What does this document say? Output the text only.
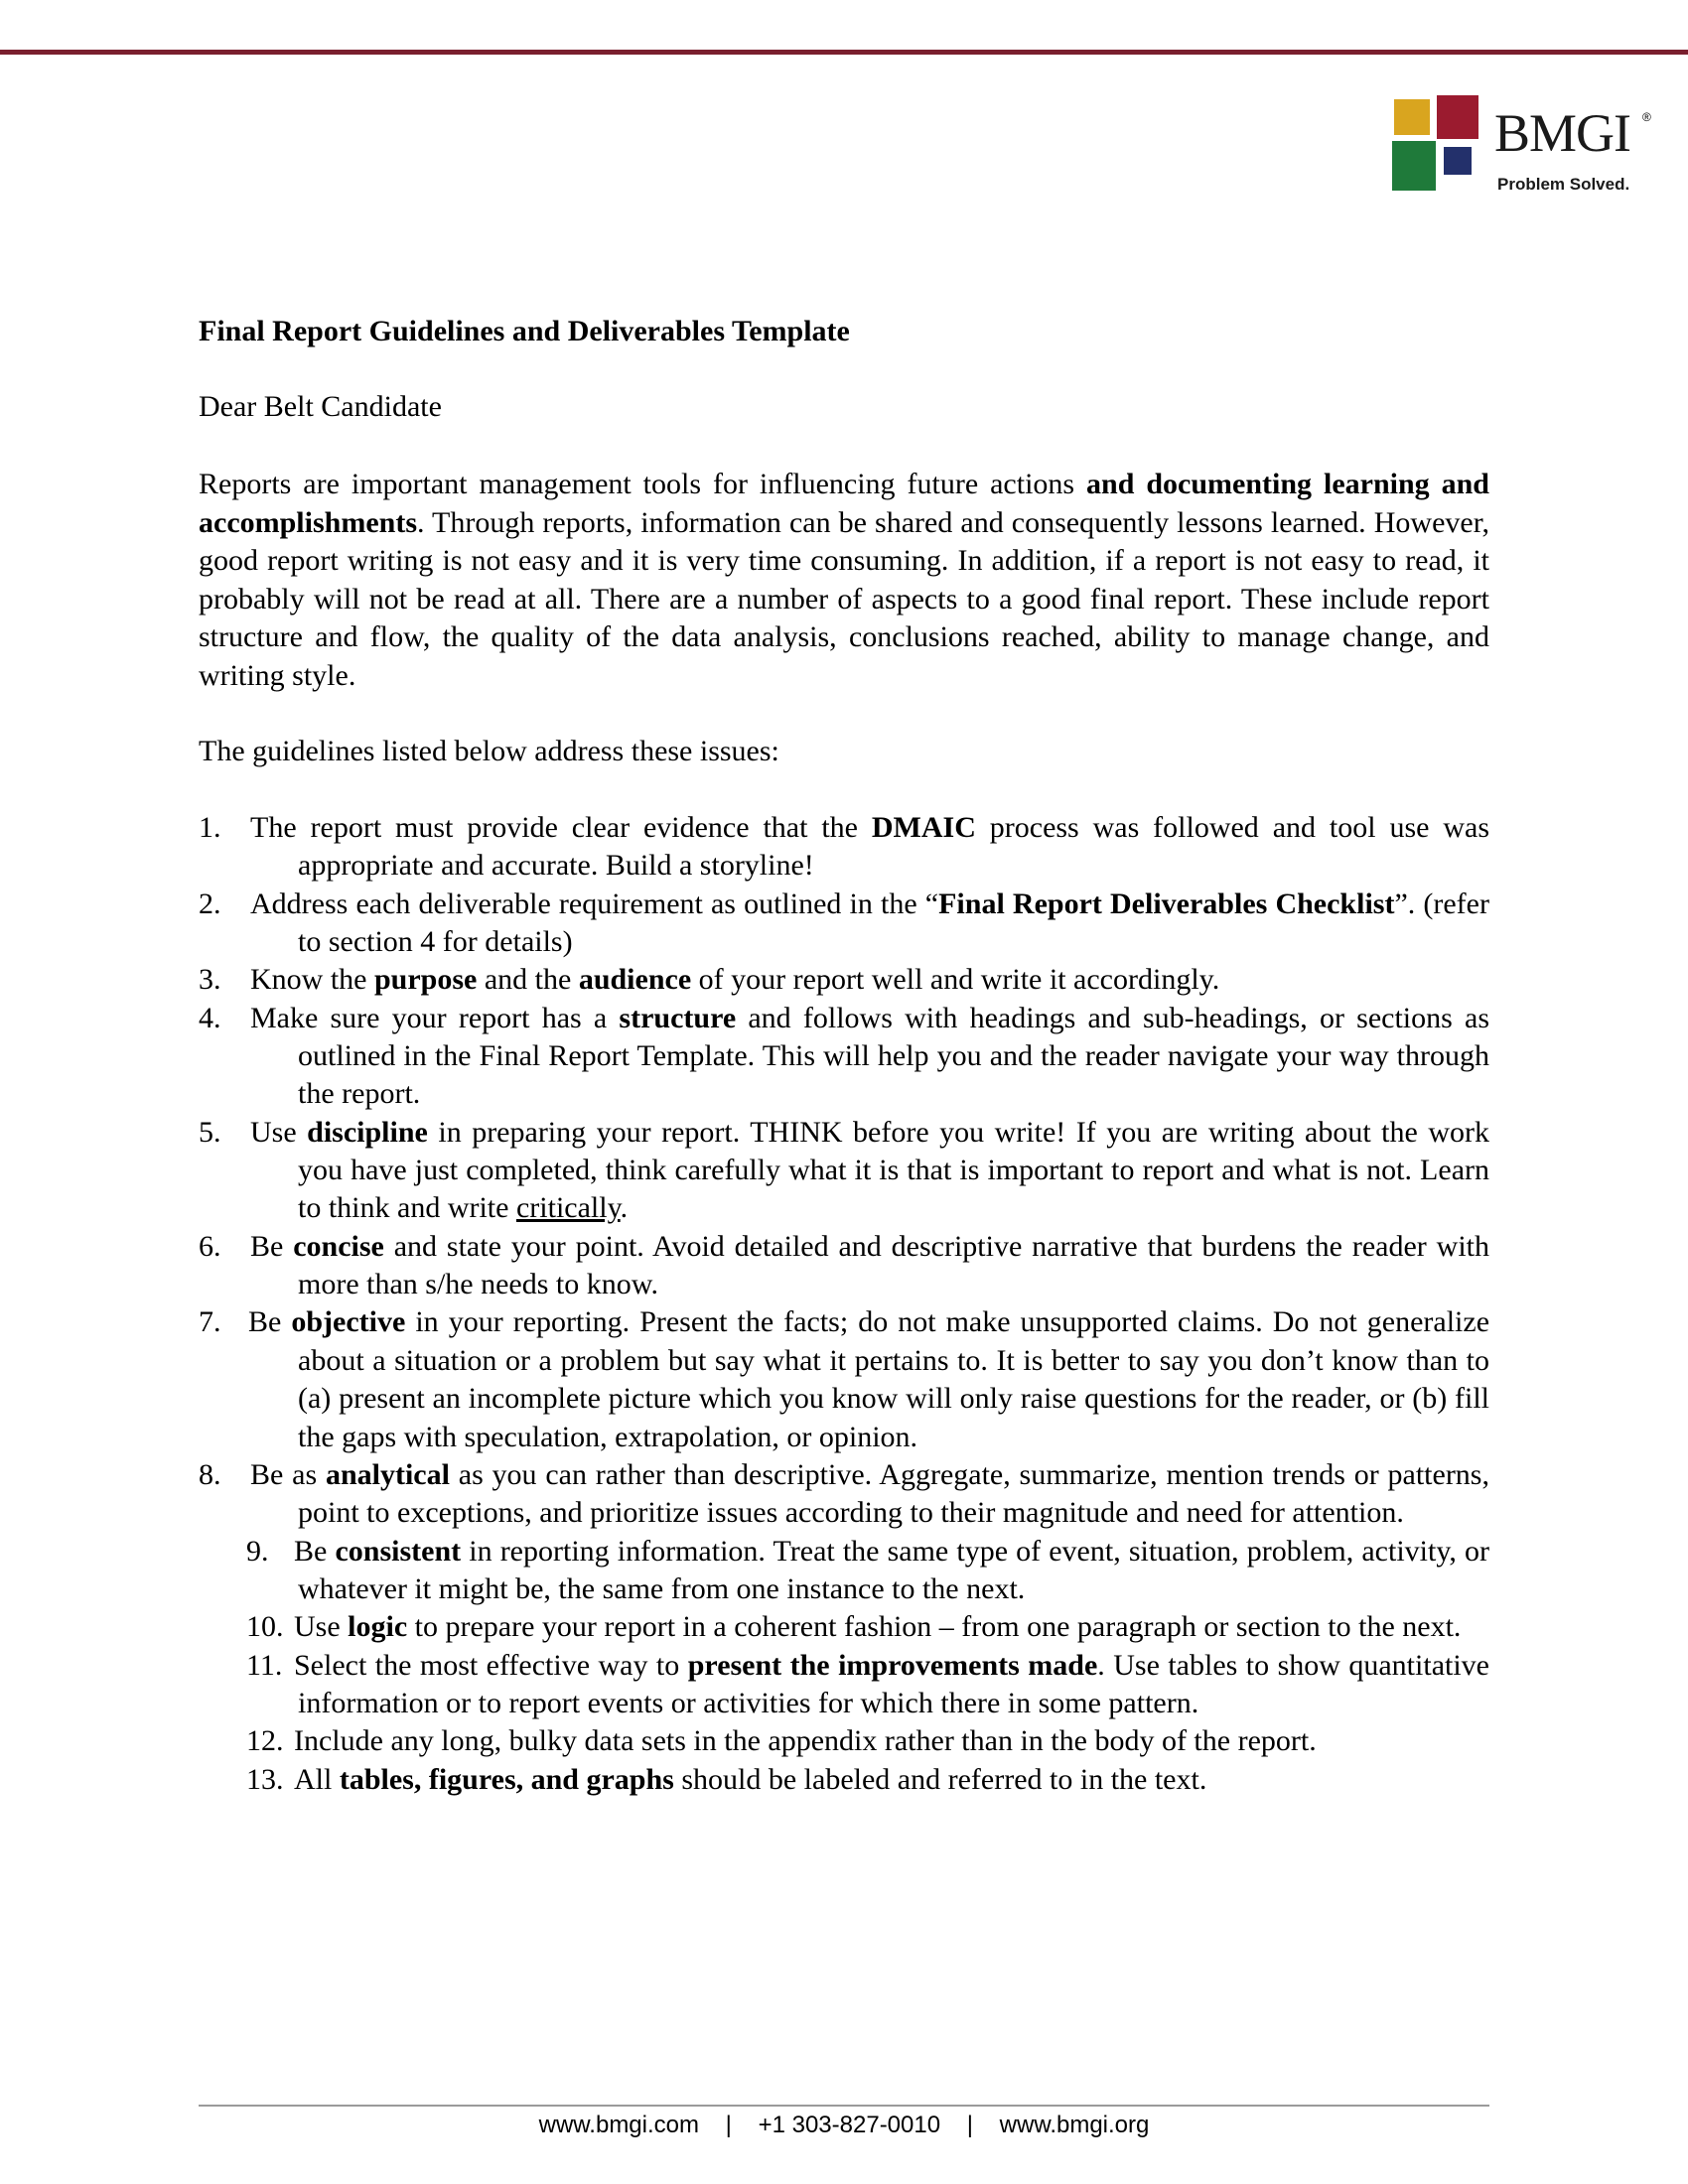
BMGI ®
Problem Solved.
Final Report Guidelines and Deliverables Template
Dear Belt Candidate
Reports are important management tools for influencing future actions and documenting learning and accomplishments. Through reports, information can be shared and consequently lessons learned. However, good report writing is not easy and it is very time consuming. In addition, if a report is not easy to read, it probably will not be read at all. There are a number of aspects to a good final report. These include report structure and flow, the quality of the data analysis, conclusions reached, ability to manage change, and writing style.
The guidelines listed below address these issues:
1. The report must provide clear evidence that the DMAIC process was followed and tool use was appropriate and accurate. Build a storyline!
2. Address each deliverable requirement as outlined in the “Final Report Deliverables Checklist”. (refer to section 4 for details)
3. Know the purpose and the audience of your report well and write it accordingly.
4. Make sure your report has a structure and follows with headings and sub-headings, or sections as outlined in the Final Report Template. This will help you and the reader navigate your way through the report.
5. Use discipline in preparing your report. THINK before you write! If you are writing about the work you have just completed, think carefully what it is that is important to report and what is not. Learn to think and write critically.
6. Be concise and state your point. Avoid detailed and descriptive narrative that burdens the reader with more than s/he needs to know.
7. Be objective in your reporting. Present the facts; do not make unsupported claims. Do not generalize about a situation or a problem but say what it pertains to. It is better to say you don’t know than to (a) present an incomplete picture which you know will only raise questions for the reader, or (b) fill the gaps with speculation, extrapolation, or opinion.
8. Be as analytical as you can rather than descriptive. Aggregate, summarize, mention trends or patterns, point to exceptions, and prioritize issues according to their magnitude and need for attention.
9. Be consistent in reporting information. Treat the same type of event, situation, problem, activity, or whatever it might be, the same from one instance to the next.
10. Use logic to prepare your report in a coherent fashion – from one paragraph or section to the next.
11. Select the most effective way to present the improvements made. Use tables to show quantitative information or to report events or activities for which there in some pattern.
12. Include any long, bulky data sets in the appendix rather than in the body of the report.
13. All tables, figures, and graphs should be labeled and referred to in the text.
www.bmgi.com | +1 303-827-0010 | www.bmgi.org
